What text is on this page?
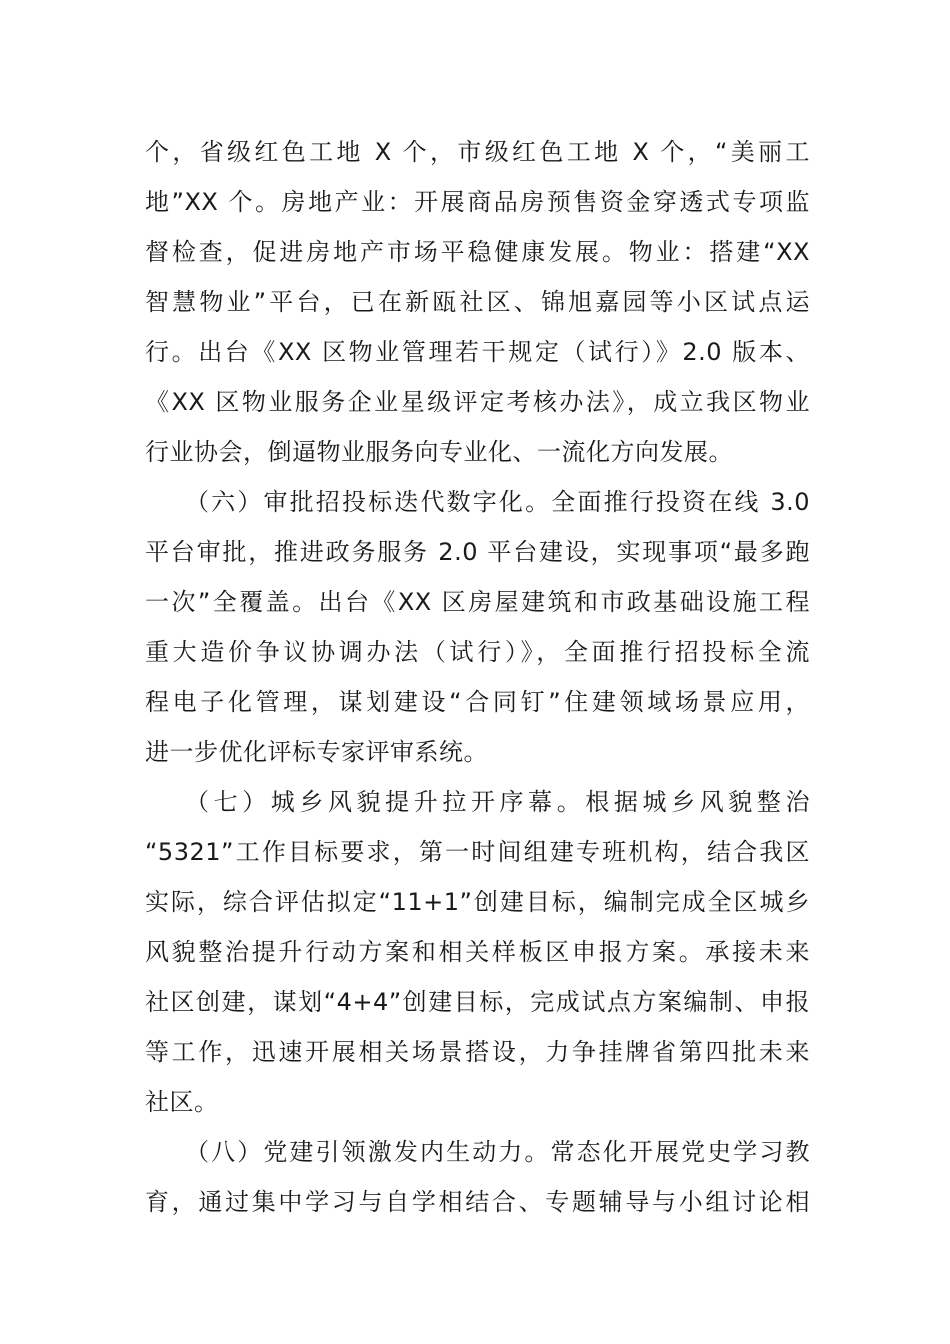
个，省级红色工地 X 个，市级红色工地 X 个，“美丽工
地”XX 个。房地产业：开展商品房预售资金穿透式专项监
督检查，促进房地产市场平稳健康发展。物业：搭建“XX
智慧物业”平台，已在新瓯社区、锦旭嘉园等小区试点运
行。出台《XX 区物业管理若干规定（试行）》2.0 版本、
《XX 区物业服务企业星级评定考核办法》，成立我区物业
行业协会，倒逼物业服务向专业化、一流化方向发展。
（六）审批招投标迭代数字化。全面推行投资在线 3.0
平台审批，推进政务服务 2.0 平台建设，实现事项“最多跑
一次”全覆盖。出台《XX 区房屋建筑和市政基础设施工程
重大造价争议协调办法（试行）》，全面推行招投标全流
程电子化管理，谋划建设“合同钉”住建领域场景应用，
进一步优化评标专家评审系统。
（七）城乡风貌提升拉开序幕。根据城乡风貌整治
“5321”工作目标要求，第一时间组建专班机构，结合我区
实际，综合评估拟定“11+1”创建目标，编制完成全区城乡
风貌整治提升行动方案和相关样板区申报方案。承接未来
社区创建，谋划“4+4”创建目标，完成试点方案编制、申报
等工作，迅速开展相关场景搭设，力争挂牌省第四批未来
社区。
（八）党建引领激发内生动力。常态化开展党史学习教
育，通过集中学习与自学相结合、专题辅导与小组讨论相
